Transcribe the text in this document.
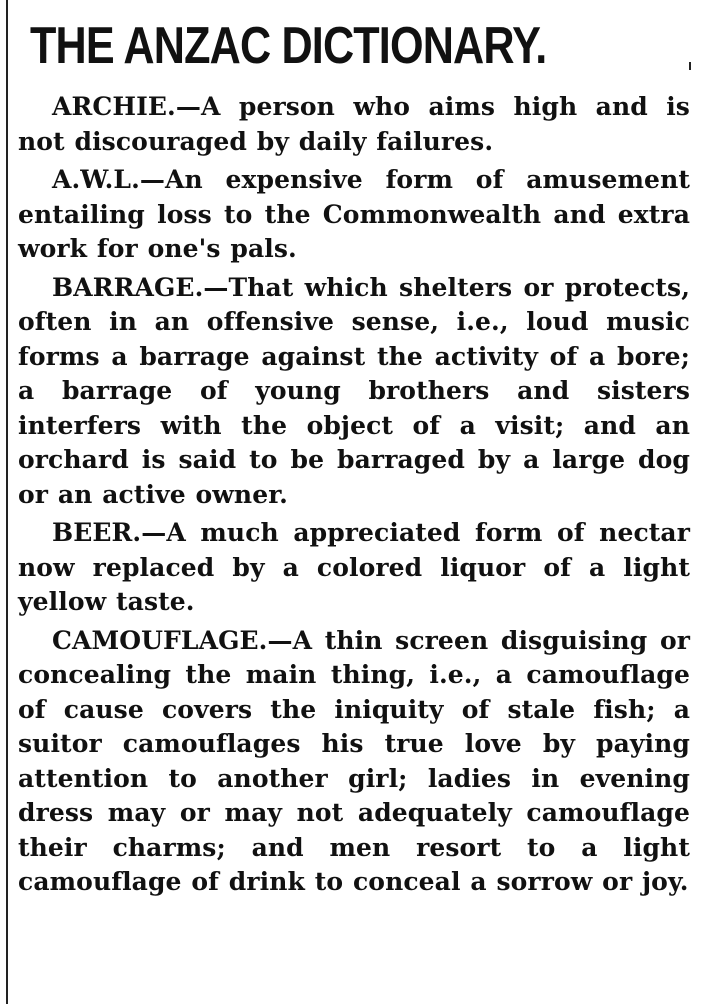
THE ANZAC DICTIONARY.

ARCHIE.—A person who aims high and is not discouraged by daily failures.

A.W.L.—An expensive form of amusement entailing loss to the Commonwealth and extra work for one's pals.

BARRAGE.—That which shelters or protects, often in an offensive sense, i.e., loud music forms a barrage against the activity of a bore; a barrage of young brothers and sisters interfers with the object of a visit; and an orchard is said to be barraged by a large dog or an active owner.

BEER.—A much appreciated form of nectar now replaced by a colored liquor of a light yellow taste.

CAMOUFLAGE.—A thin screen disguising or concealing the main thing, i.e., a camouflage of cause covers the iniquity of stale fish; a suitor camouflages his true love by paying attention to another girl; ladies in evening dress may or may not adequately camouflage their charms; and men resort to a light camouflage of drink to conceal a sorrow or joy.
